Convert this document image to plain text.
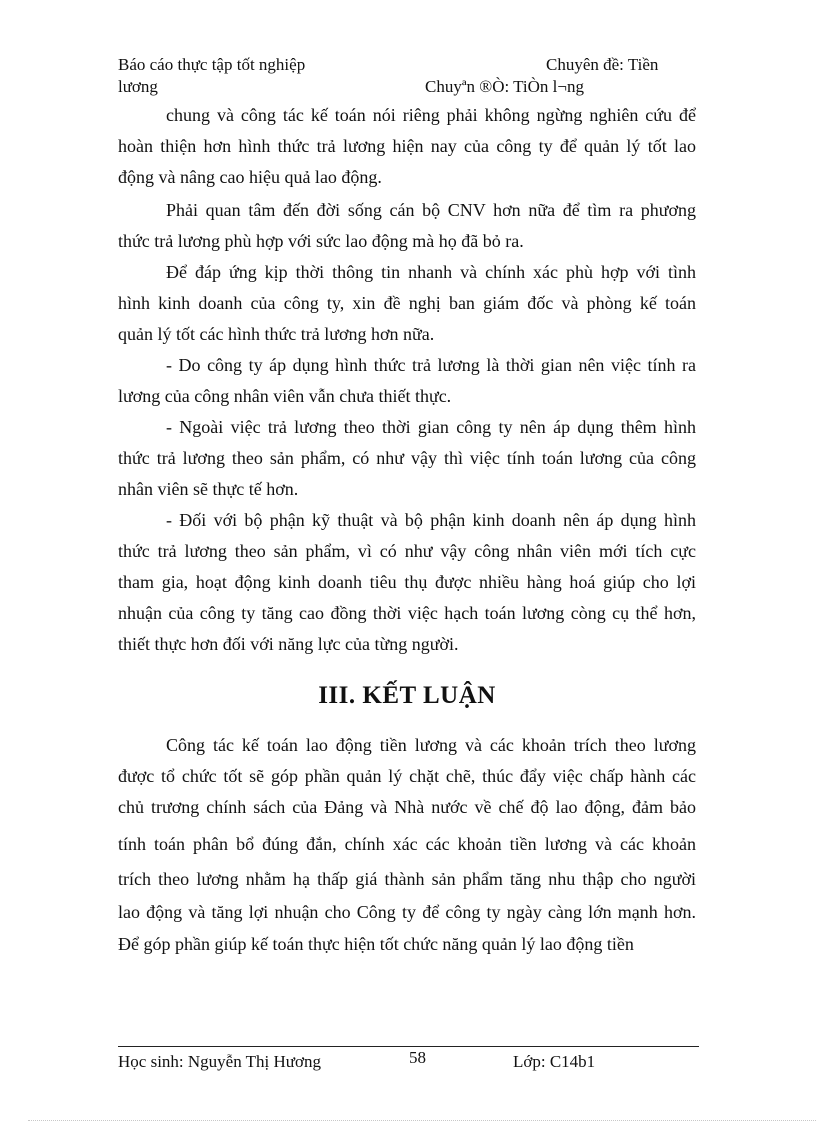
Báo cáo thực tập tốt nghiệp	Chuyên đề: Tiền
lương	Chuyªn ®Ò: TiÒn l¬ng
chung và công tác kế toán nói riêng phải không ngừng nghiên cứu để
hoàn thiện hơn hình thức trả lương hiện nay của công ty để quản lý tốt lao
động và nâng cao hiệu quả lao động.
Phải quan tâm đến đời sống cán bộ CNV hơn nữa để tìm ra phương
thức trả lương phù hợp với sức lao động mà họ đã bỏ ra.
Để đáp ứng kịp thời thông tin nhanh và chính xác phù hợp với tình
hình kinh doanh của công ty, xin đề nghị ban giám đốc và phòng kế toán
quản lý tốt các hình thức trả lương hơn nữa.
- Do công ty áp dụng hình thức trả lương là thời gian nên việc tính ra
lương của công nhân viên vẫn chưa thiết thực.
- Ngoài việc trả lương theo thời gian công ty nên áp dụng thêm hình
thức trả lương theo sản phẩm, có như vậy thì việc tính toán lương của công
nhân viên sẽ thực tế hơn.
- Đối với bộ phận kỹ thuật và bộ phận kinh doanh nên áp dụng hình
thức trả lương theo sản phẩm, vì có như vậy công nhân viên mới tích cực
tham gia, hoạt động kinh doanh tiêu thụ được nhiều hàng hoá giúp cho lợi
nhuận của công ty tăng cao đồng thời việc hạch toán lương còng cụ thể hơn,
thiết thực hơn đối với năng lực của từng người.
III. KẾT LUẬN
Công tác kế toán lao động tiền lương và các khoản trích theo lương
được tổ chức tốt sẽ góp phần quản lý chặt chẽ, thúc đẩy việc chấp hành các
chủ trương chính sách của Đảng và Nhà nước về chế độ lao động, đảm bảo
tính toán phân bổ đúng đắn, chính xác các khoản tiền lương và các khoản
trích theo lương nhằm hạ thấp giá thành sản phẩm tăng nhu thập cho người
lao động và tăng lợi nhuận cho Công ty để công ty ngày càng lớn mạnh hơn.
Để góp phần giúp kế toán thực hiện tốt chức năng quản lý lao động tiền
Học sinh: Nguyễn Thị Hương	58	Lớp: C14b1
